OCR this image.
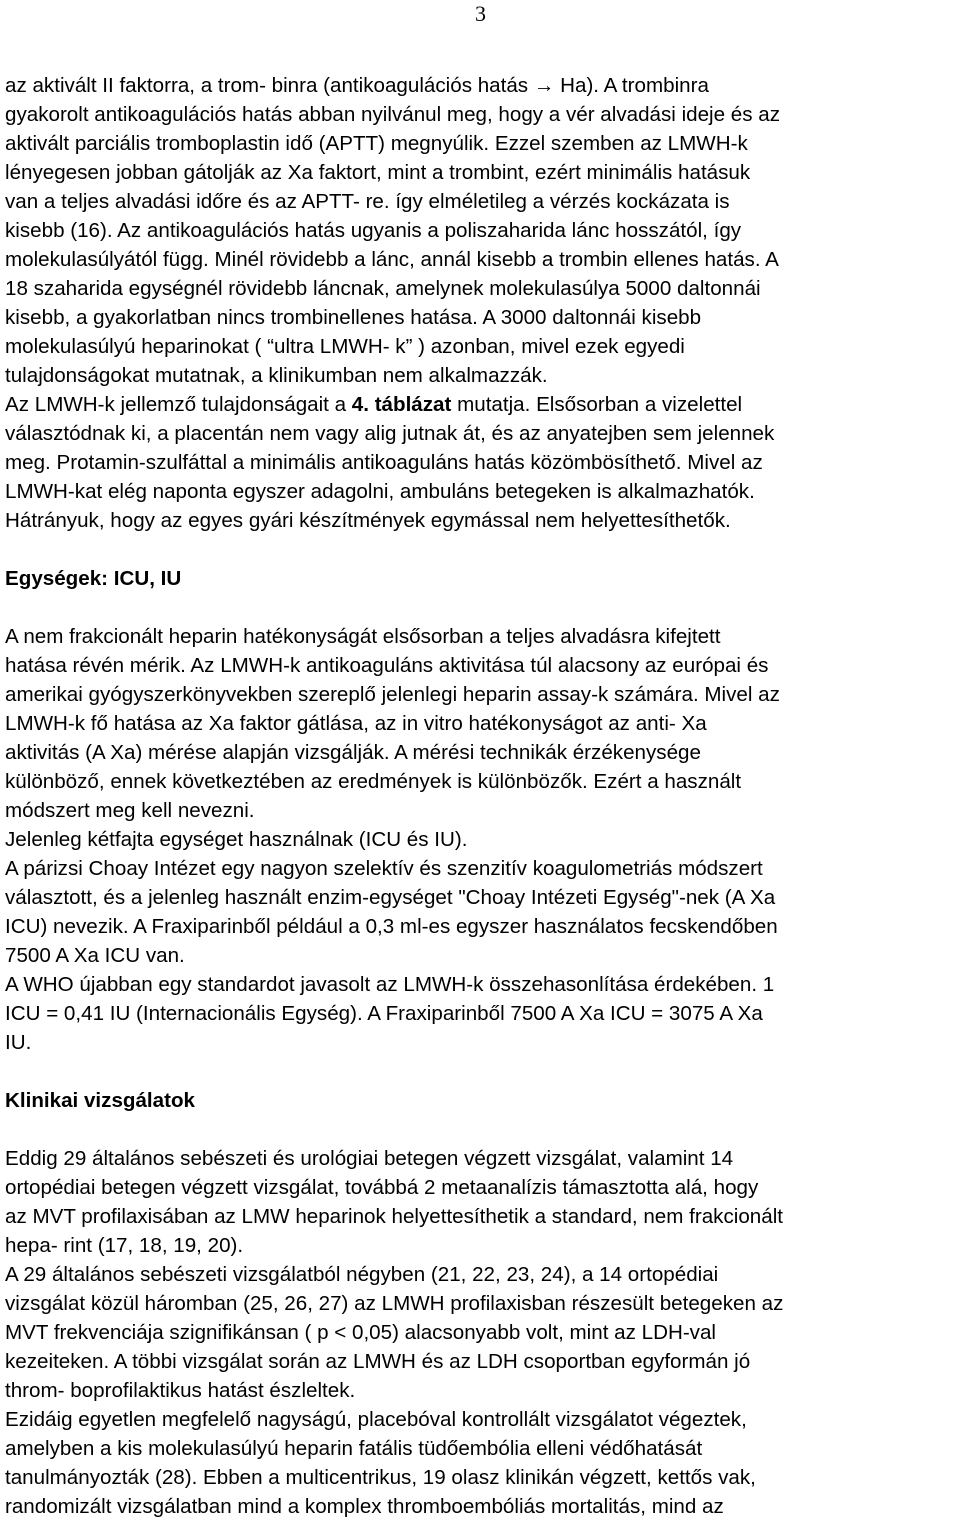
3
az aktivált II faktorra, a trom- binra (antikoagulációs hatás → Ha). A trombinra
gyakorolt antikoagulációs hatás abban nyilvánul meg, hogy a vér alvadási ideje és az
aktivált parciális tromboplastin idő (APTT) megnyúlik. Ezzel szemben az LMWH-k
lényegesen jobban gátolják az Xa faktort, mint a trombint, ezért minimális hatásuk
van a teljes alvadási időre és az APTT- re. így elméletileg a vérzés kockázata is
kisebb (16). Az antikoagulációs hatás ugyanis a poliszaharida lánc hosszától, így
molekulasúlyától függ. Minél rövidebb a lánc, annál kisebb a trombin ellenes hatás. A
18 szaharida egységnél rövidebb láncnak, amelynek molekulasúlya 5000 daltonnái
kisebb, a gyakorlatban nincs trombinellenes hatása. A 3000 daltonnái kisebb
molekulasúlyú heparinokat ( “ultra LMWH- k” ) azonban, mivel ezek egyedi
tulajdonságokat mutatnak, a klinikumban nem alkalmazzák.
Az LMWH-k jellemző tulajdonságait a 4. táblázat mutatja. Elsősorban a vizelettel
választódnak ki, a placentán nem vagy alig jutnak át, és az anyatejben sem jelennek
meg. Protamin-szulfáttal a minimális antikoaguláns hatás közömbösíthető. Mivel az
LMWH-kat elég naponta egyszer adagolni, ambuláns betegeken is alkalmazhatók.
Hátrányuk, hogy az egyes gyári készítmények egymással nem helyettesíthetők.
Egységek: ICU, IU
A nem frakcionált heparin hatékonyságát elsősorban a teljes alvadásra kifejtett
hatása révén mérik. Az LMWH-k antikoaguláns aktivitása túl alacsony az európai és
amerikai gyógyszerkönyvekben szereplő jelenlegi heparin assay-k számára. Mivel az
LMWH-k fő hatása az Xa faktor gátlása, az in vitro hatékonyságot az anti- Xa
aktivitás (A Xa) mérése alapján vizsgálják. A mérési technikák érzékenysége
különböző, ennek következtében az eredmények is különbözők. Ezért a használt
módszert meg kell nevezni.
Jelenleg kétfajta egységet használnak (ICU és IU).
A párizsi Choay Intézet egy nagyon szelektív és szenzitív koagulometriás módszert
választott, és a jelenleg használt enzim-egységet "Choay Intézeti Egység"-nek (A Xa
ICU) nevezik. A Fraxiparinből például a 0,3 ml-es egyszer használatos fecskendőben
7500 A Xa ICU van.
A WHO újabban egy standardot javasolt az LMWH-k összehasonlítása érdekében. 1
ICU = 0,41 IU (Internacionális Egység). A Fraxiparinből 7500 A Xa ICU = 3075 A Xa
IU.
Klinikai vizsgálatok
Eddig 29 általános sebészeti és urológiai betegen végzett vizsgálat, valamint 14
ortopédiai betegen végzett vizsgálat, továbbá 2 metaanalízis támasztotta alá, hogy
az MVT profilaxisában az LMW heparinok helyettesíthetik a standard, nem frakcionált
hepa- rint (17, 18, 19, 20).
A 29 általános sebészeti vizsgálatból négyben (21, 22, 23, 24), a 14 ortopédiai
vizsgálat közül háromban (25, 26, 27) az LMWH profilaxisban részesült betegeken az
MVT frekvenciája szignifikánsan ( p < 0,05) alacsonyabb volt, mint az LDH-val
kezeiteken. A többi vizsgálat során az LMWH és az LDH csoportban egyformán jó
throm- boprofilaktikus hatást észleltek.
Ezidáig egyetlen megfelelő nagyságú, placebóval kontrollált vizsgálatot végeztek,
amelyben a kis molekulasúlyú heparin fatális tüdőembólia elleni védőhatását
tanulmányozták (28). Ebben a multicentrikus, 19 olasz klinikán végzett, kettős vak,
randomizált vizsgálatban mind a komplex thromboembóliás mortalitás, mind az
